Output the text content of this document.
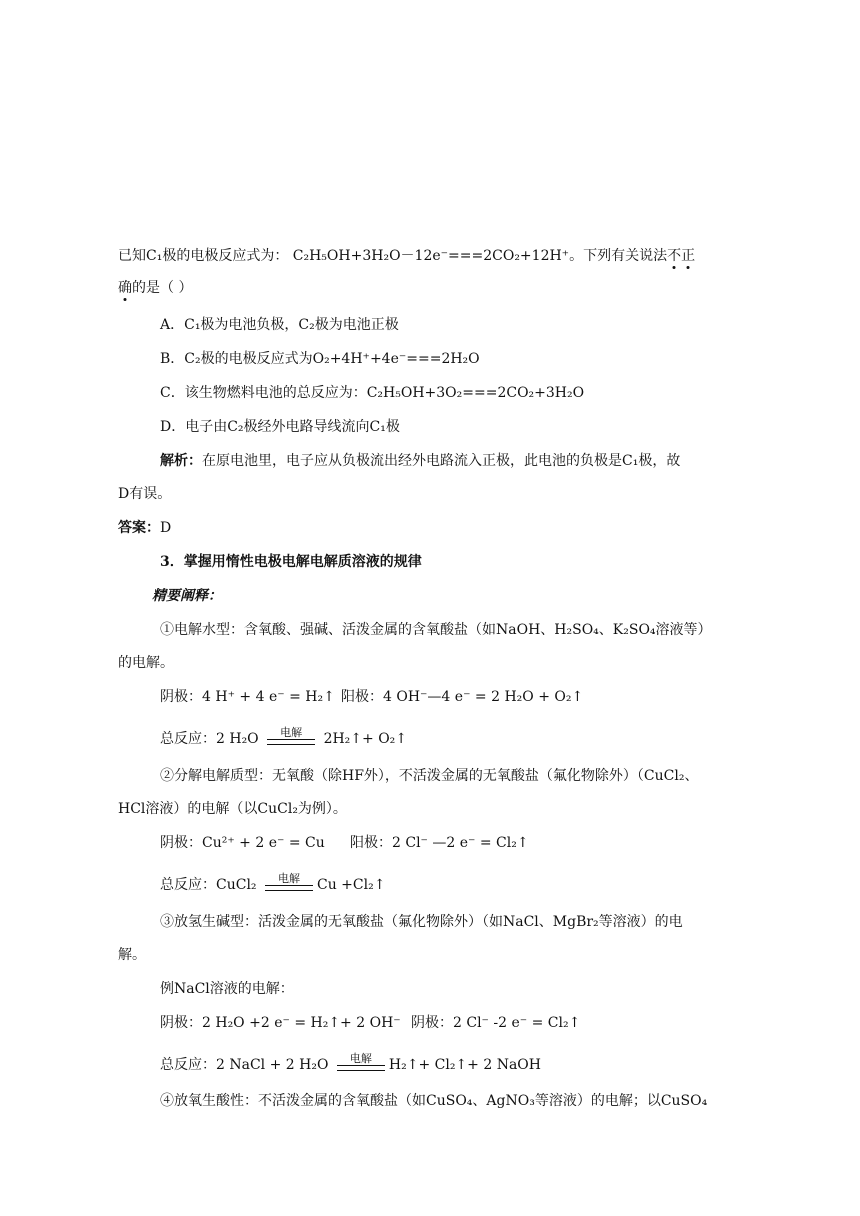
已知C₁极的电极反应式为： C₂H₅OH+3H₂O－12e⁻===2CO₂+12H⁺。下列有关说法不正
确的是（ ）
A．C₁极为电池负极，C₂极为电池正极
B．C₂极的电极反应式为O₂+4H⁺+4e⁻===2H₂O
C．该生物燃料电池的总反应为：C₂H₅OH+3O₂===2CO₂+3H₂O
D．电子由C₂极经外电路导线流向C₁极
解析：在原电池里，电子应从负极流出经外电路流入正极，此电池的负极是C₁极，故
D有误。
答案：D
3．掌握用惰性电极电解电解质溶液的规律
精要阐释：
①电解水型：含氧酸、强碱、活泼金属的含氧酸盐（如NaOH、H₂SO₄、K₂SO₄溶液等）
的电解。
阴极：4 H⁺ + 4 e⁻ = H₂↑ 阳极：4 OH⁻—4 e⁻ = 2 H₂O + O₂↑
总反应：2 H₂O	电解	2H₂↑+ O₂↑
②分解电解质型：无氧酸（除HF外），不活泼金属的无氧酸盐（氟化物除外）（CuCl₂、
HCl溶液）的电解（以CuCl₂为例）。
阴极：Cu²⁺ + 2 e⁻ = Cu 阳极：2 Cl⁻ —2 e⁻ = Cl₂↑
总反应：CuCl₂	电解	Cu +Cl₂↑
③放氢生碱型：活泼金属的无氧酸盐（氟化物除外）（如NaCl、MgBr₂等溶液）的电
解。
例NaCl溶液的电解：
阴极：2 H₂O +2 e⁻ = H₂↑+ 2 OH⁻ 阴极：2 Cl⁻ -2 e⁻ = Cl₂↑
总反应：2 NaCl + 2 H₂O	电解	H₂↑+ Cl₂↑+ 2 NaOH
④放氧生酸性：不活泼金属的含氧酸盐（如CuSO₄、AgNO₃等溶液）的电解；以CuSO₄
